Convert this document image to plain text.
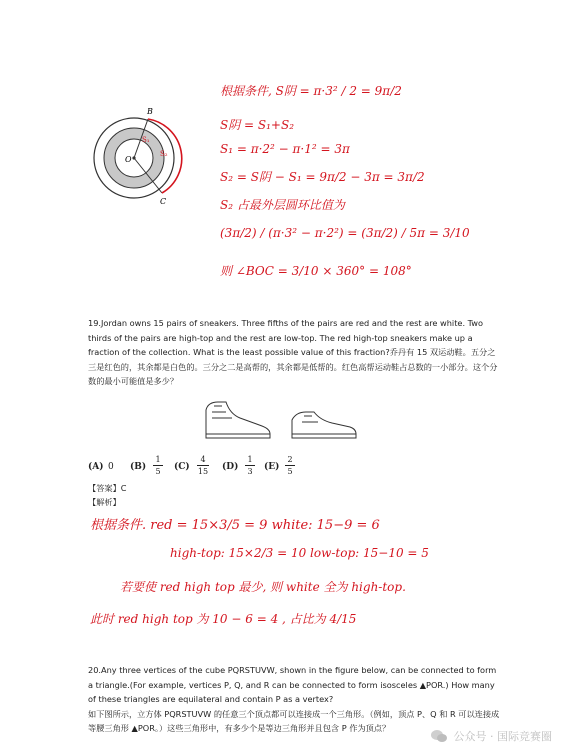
B
O
C
S₁
S₂
根据条件, S阴 = π·3² / 2 = 9π/2
S阴 = S₁+S₂
S₁ = π·2² − π·1² = 3π
S₂ = S阴 − S₁ = 9π/2 − 3π = 3π/2
S₂ 占最外层圆环比值为
(3π/2) / (π·3² − π·2²) = (3π/2) / 5π = 3/10
则 ∠BOC = 3/10 × 360° = 108°
19.Jordan owns 15 pairs of sneakers. Three fifths of the pairs are red and the rest are white. Two thirds of the pairs are high-top and the rest are low-top. The red high-top sneakers make up a fraction of the collection. What is the least possible value of this fraction?乔丹有 15 双运动鞋。五分之三是红色的，其余都是白色的。三分之二是高帮的，其余都是低帮的。红色高帮运动鞋占总数的一小部分。这个分数的最小可能值是多少？
(A) 0 (B)
1
5	(C)
4
15 (D)
1
3	(E)
2
5
【答案】C
【解析】
根据条件. red = 15×3/5 = 9 white: 15−9 = 6
high-top: 15×2/3 = 10 low-top: 15−10 = 5
若要使 red high top 最少, 则 white 全为 high-top.
此时 red high top 为 10 − 6 = 4 , 占比为 4/15
20.Any three vertices of the cube PQRSTUVW, shown in the figure below, can be connected to form a triangle.(For example, vertices P, Q, and R can be connected to form isosceles ▲POR.) How many of these triangles are equilateral and contain P as a vertex?
如下图所示，立方体 PQRSTUVW 的任意三个顶点都可以连接成一个三角形。（例如，顶点 P、Q 和 R 可以连接成等腰三角形 ▲POR。）这些三角形中，有多少个是等边三角形并且包含 P 作为顶点？
公众号 · 国际竞赛圈
